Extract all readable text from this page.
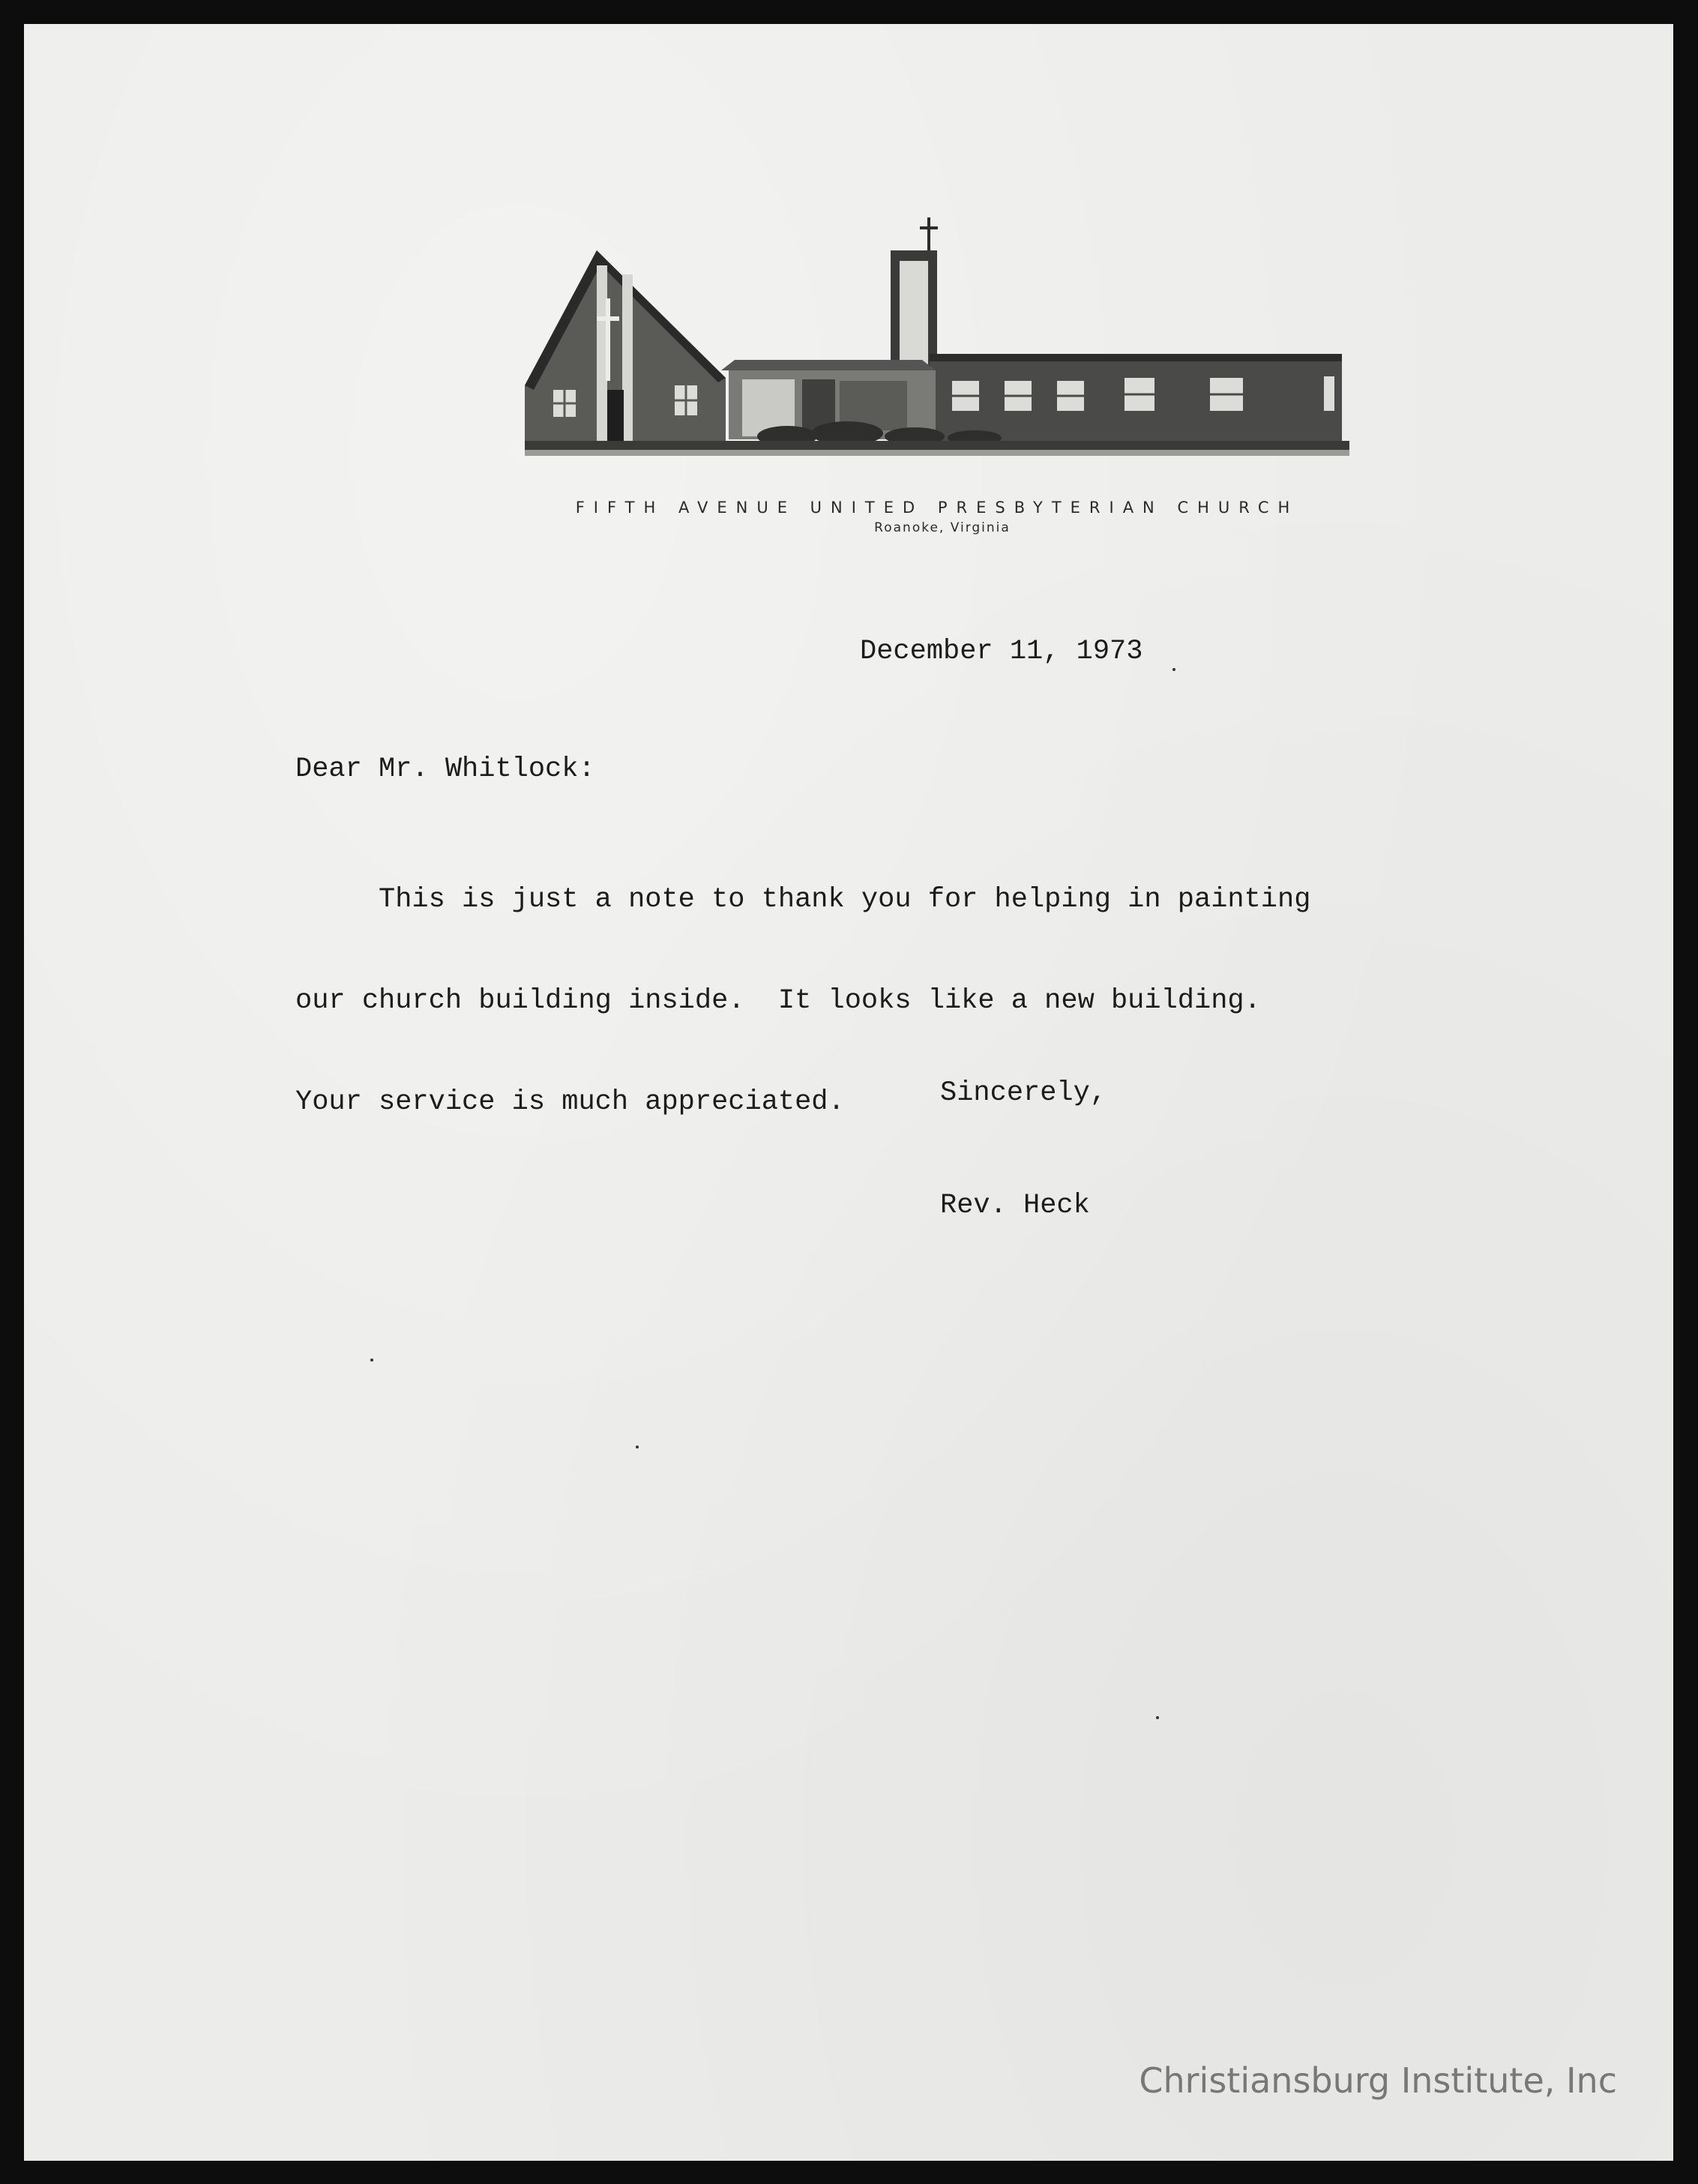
FIFTH AVENUE UNITED PRESBYTERIAN CHURCH
Roanoke, Virginia
December 11, 1973
Dear Mr. Whitlock:

This is just a note to thank you for helping in painting

our church building inside.  It looks like a new building.

Your service is much appreciated.

	Sincerely,
Rev. Heck
Christiansburg Institute, Inc
